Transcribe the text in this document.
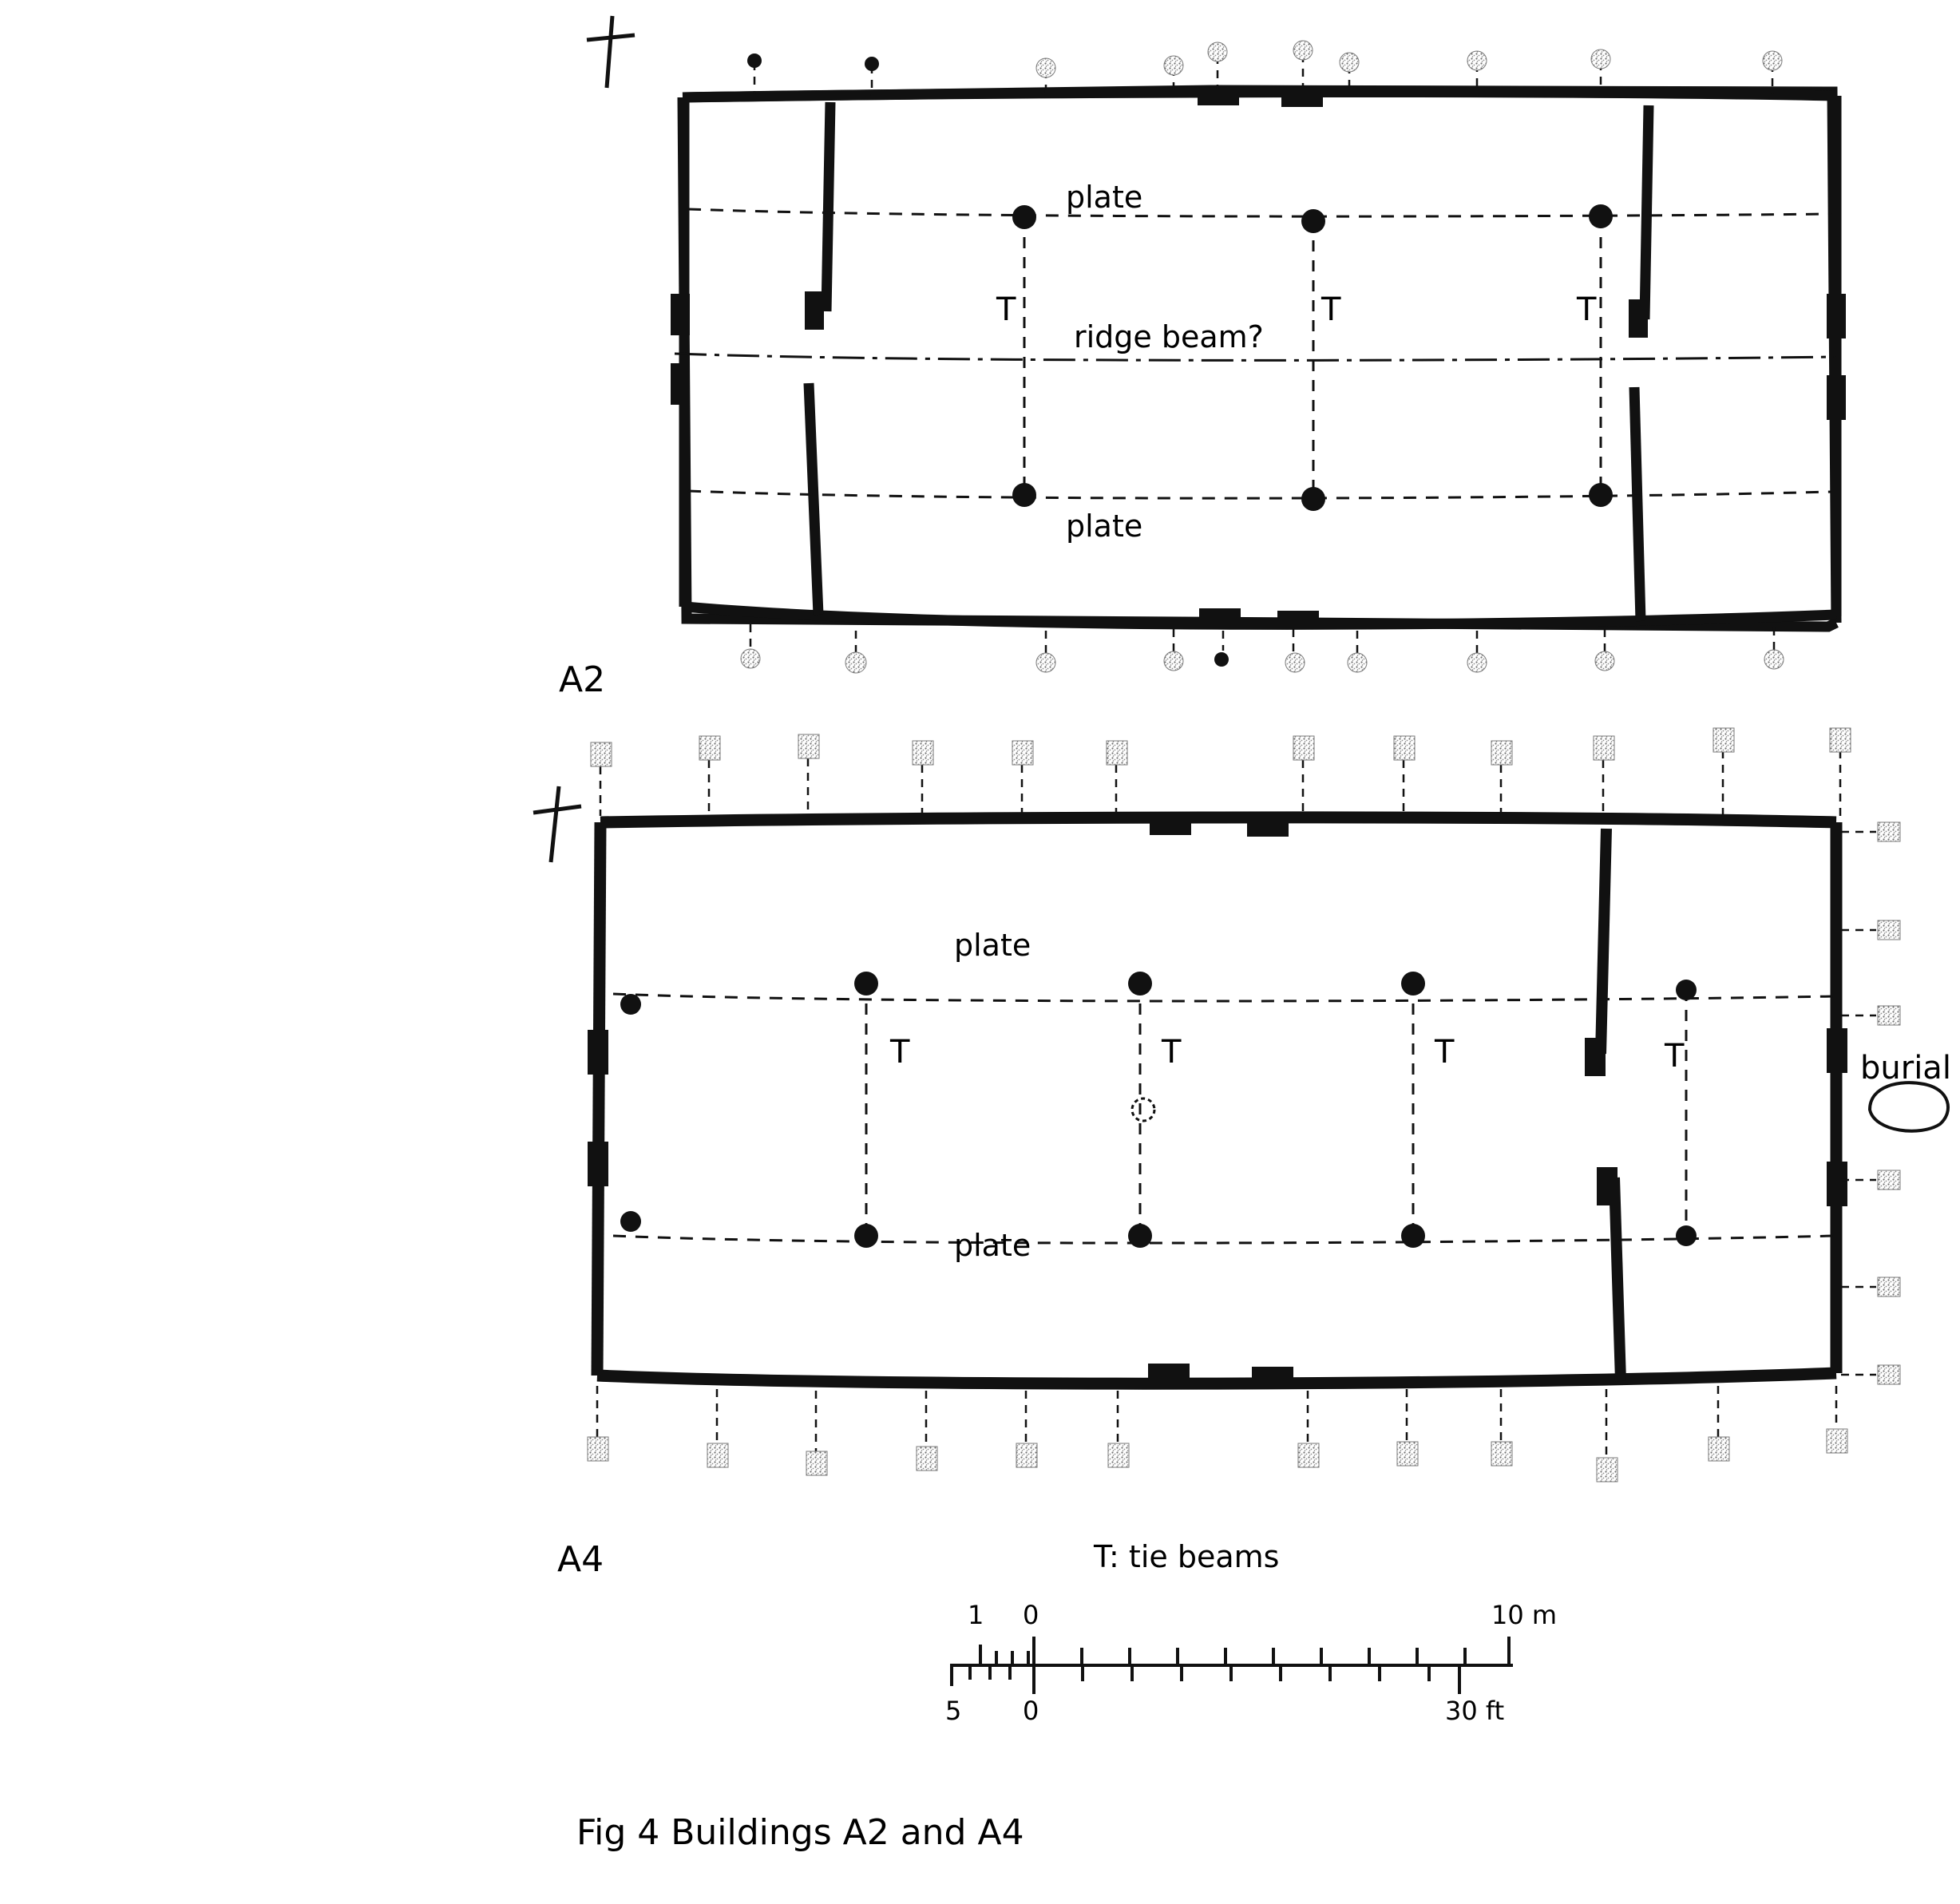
A2
plate
plate
ridge beam?
T	T	T
A4
plate
plate
T	T	T	T	burial
T: tie beams
1 0	10 m
5 0	30 ft
Fig 4 Buildings A2 and A4
